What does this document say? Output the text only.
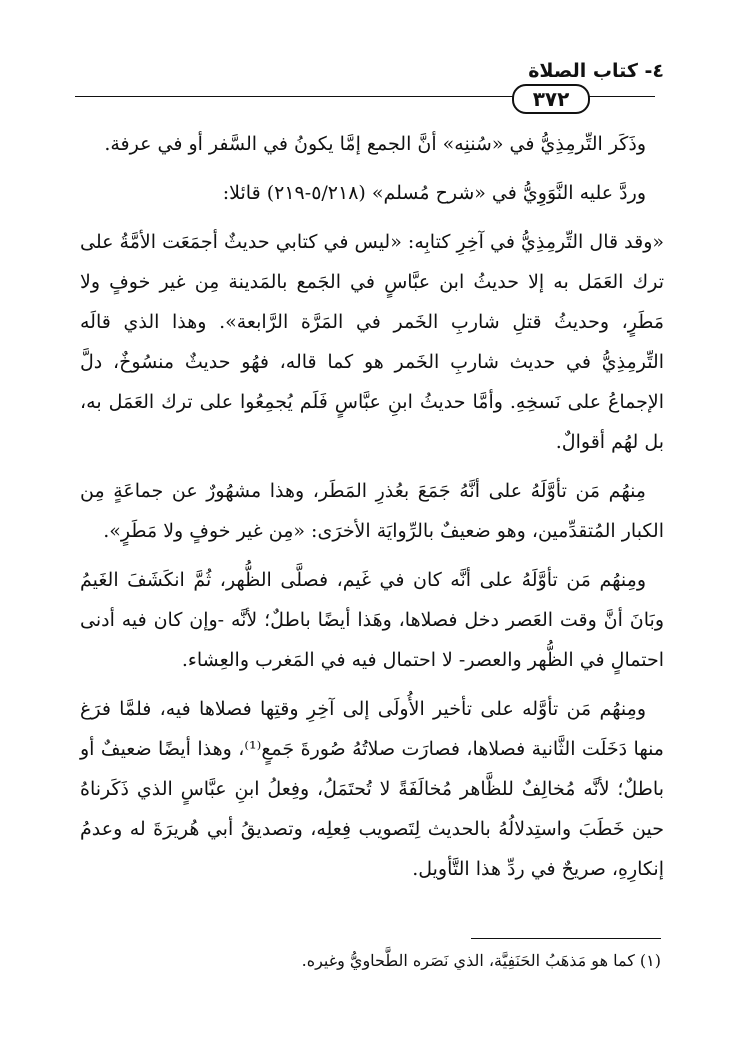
٤- كتاب الصلاة
٣٧٢

وذَكَر التِّرمِذِيُّ في «سُننِه» أنَّ الجمع إمَّا يكونُ في السَّفر أو في عرفة.

وردَّ عليه النَّوَوِيُّ في «شرح مُسلم» (٥/٢١٨-٢١٩) قائلا:

«وقد قال التِّرمِذِيُّ في آخِرِ كتابِه: «ليس في كتابي حديثٌ أجمَعَت الأمَّةُ على ترك العَمَل به إلا حديثُ ابن عبَّاسٍ في الجَمع بالمَدينة مِن غير خوفٍ ولا مَطَرٍ، وحديثُ قتلِ شاربِ الخَمر في المَرَّة الرَّابعة». وهذا الذي قالَه التِّرمِذِيُّ في حديث شاربِ الخَمر هو كما قاله، فهُو حديثٌ منسُوخٌ، دلَّ الإجماعُ على نَسخِهِ. وأمَّا حديثُ ابنِ عبَّاسٍ فَلَم يُجمِعُوا على ترك العَمَل به، بل لهُم أقوالٌ.

مِنهُم مَن تأوَّلَهُ على أنَّهُ جَمَعَ بعُذرِ المَطَر، وهذا مشهُورٌ عن جماعَةٍ مِن الكبار المُتقدِّمين، وهو ضعيفٌ بالرِّوايَة الأخرَى: «مِن غير خوفٍ ولا مَطَرٍ».

ومِنهُم مَن تأوَّلَهُ على أنَّه كان في غَيم، فصلَّى الظُّهر، ثُمَّ انكَشَفَ الغَيمُ وبَانَ أنَّ وقت العَصر دخل فصلاها، وهَذا أيضًا باطلٌ؛ لأنَّه -وإن كان فيه أدنى احتمالٍ في الظُّهر والعصر- لا احتمال فيه في المَغرب والعِشاء.

ومِنهُم مَن تأوَّله على تأخير الأُولَى إلى آخِرِ وقتِها فصلاها فيه، فلمَّا فرَغ منها دَخَلَت الثَّانية فصلاها، فصارَت صلاتُهُ صُورةَ جَمعٍ⁽¹⁾، وهذا أيضًا ضعيفٌ أو باطلٌ؛ لأنَّه مُخالِفٌ للظَّاهر مُخالَفَةً لا تُحتَمَلُ، وفِعلُ ابنِ عبَّاسٍ الذي ذَكَرناهُ حين خَطَبَ واستِدلالُهُ بالحديث لِتَصويب فِعلِه، وتصديقُ أبي هُريرَةَ له وعدمُ إنكارِهِ، صريحٌ في ردِّ هذا التَّأويل.

(١) كما هو مَذهَبُ الحَنَفِيَّة، الذي نَصَره الطَّحاويُّ وغيره.
